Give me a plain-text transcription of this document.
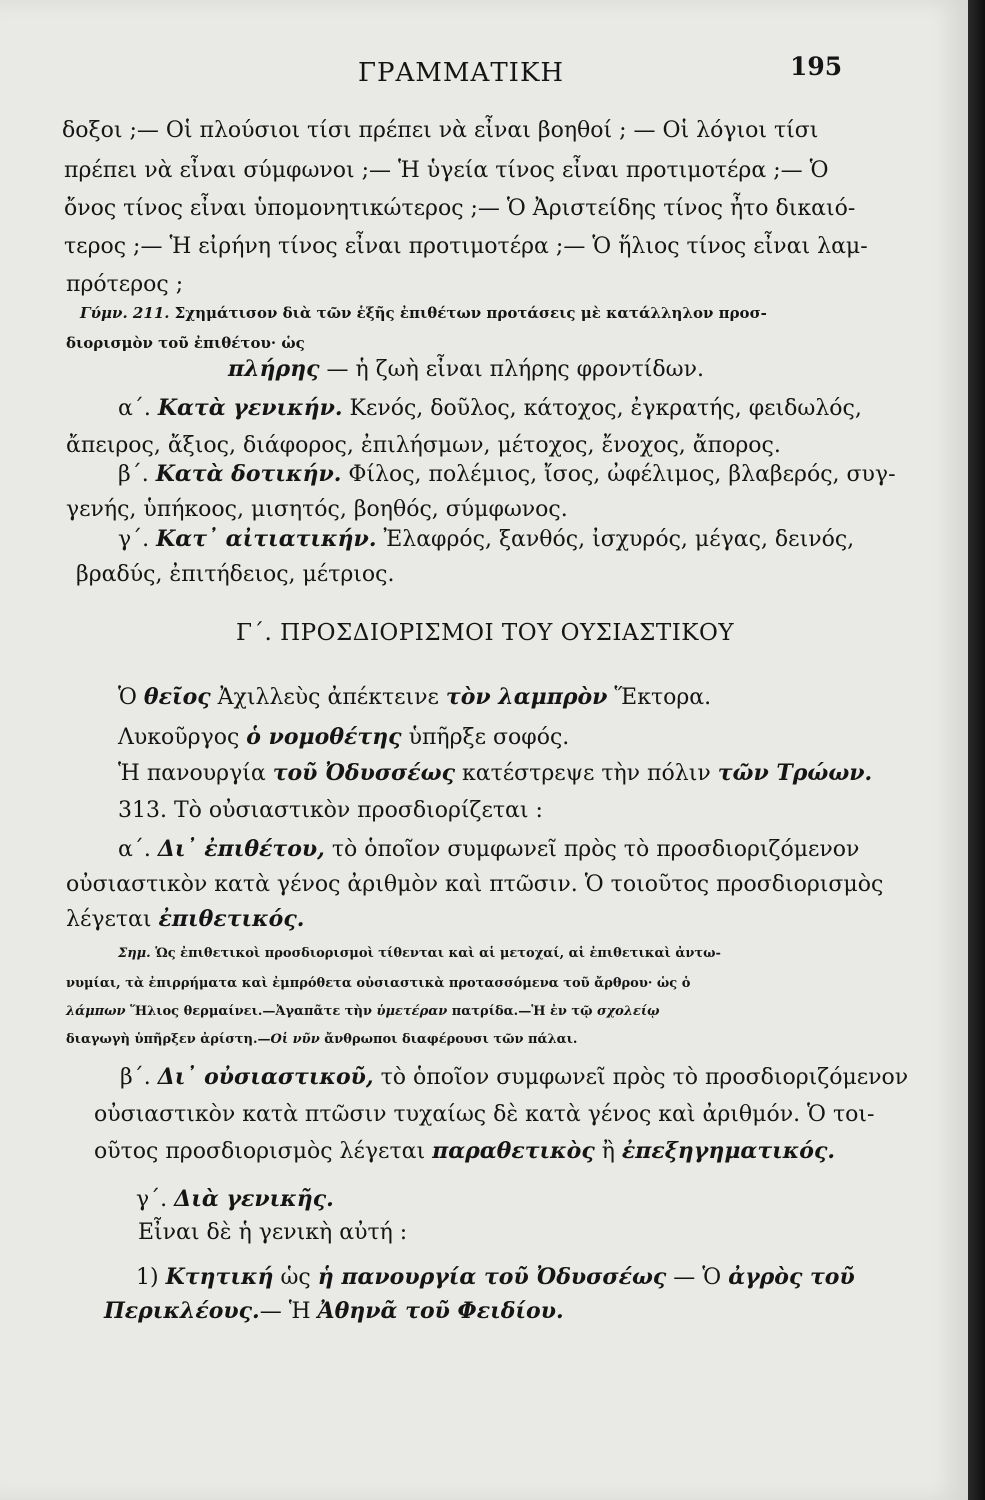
ΓΡΑΜΜΑΤΙΚΗ	195
δοξοι ;— Οἱ πλούσιοι τίσι πρέπει νὰ εἶναι βοηθοί ; — Οἱ λόγιοι τίσι
πρέπει νὰ εἶναι σύμφωνοι ;— Ἡ ὑγεία τίνος εἶναι προτιμοτέρα ;— Ὁ
ὄνος τίνος εἶναι ὑπομονητικώτερος ;— Ὁ Ἀριστείδης τίνος ἦτο δικαιό-
τερος ;— Ἡ εἰρήνη τίνος εἶναι προτιμοτέρα ;— Ὁ ἥλιος τίνος εἶναι λαμ-
πρότερος ;
Γύμν. 211. Σχημάτισον διὰ τῶν ἑξῆς ἐπιθέτων προτάσεις μὲ κατάλληλον προσ-
διορισμὸν τοῦ ἐπιθέτου· ὡς
πλήρης — ἡ ζωὴ εἶναι πλήρης φροντίδων.
α΄. Κατὰ γενικήν. Κενός, δοῦλος, κάτοχος, ἐγκρατής, φειδωλός,
ἄπειρος, ἄξιος, διάφορος, ἐπιλήσμων, μέτοχος, ἔνοχος, ἄπορος.
β΄. Κατὰ δοτικήν. Φίλος, πολέμιος, ἴσος, ὠφέλιμος, βλαβερός, συγ-
γενής, ὑπήκοος, μισητός, βοηθός, σύμφωνος.
γ΄. Κατ᾽ αἰτιατικήν. Ἐλαφρός, ξανθός, ἰσχυρός, μέγας, δεινός,
βραδύς, ἐπιτήδειος, μέτριος.
Γ΄. ΠΡΟΣΔΙΟΡΙΣΜΟΙ ΤΟΥ ΟΥΣΙΑΣΤΙΚΟΥ
Ὁ θεῖος Ἀχιλλεὺς ἀπέκτεινε τὸν λαμπρὸν Ἕκτορα.
Λυκοῦργος ὁ νομοθέτης ὑπῆρξε σοφός.
Ἡ πανουργία τοῦ Ὀδυσσέως κατέστρεψε τὴν πόλιν τῶν Τρώων.
313. Τὸ οὐσιαστικὸν προσδιορίζεται :
α΄. Δι᾽ ἐπιθέτου, τὸ ὁποῖον συμφωνεῖ πρὸς τὸ προσδιοριζόμενον
οὐσιαστικὸν κατὰ γένος ἀριθμὸν καὶ πτῶσιν. Ὁ τοιοῦτος προσδιορισμὸς
λέγεται ἐπιθετικός.
Σημ. Ὡς ἐπιθετικοὶ προσδιορισμοὶ τίθενται καὶ αἱ μετοχαί, αἱ ἐπιθετικαὶ ἀντω-
νυμίαι, τὰ ἐπιρρήματα καὶ ἐμπρόθετα οὐσιαστικὰ προτασσόμενα τοῦ ἄρθρου· ὡς ὁ
λάμπων Ἥλιος θερμαίνει.—Ἀγαπᾶτε τὴν ὑμετέραν πατρίδα.—Ἡ ἐν τῷ σχολείῳ
διαγωγὴ ὑπῆρξεν ἀρίστη.—Οἱ νῦν ἄνθρωποι διαφέρουσι τῶν πάλαι.
β΄. Δι᾽ οὐσιαστικοῦ, τὸ ὁποῖον συμφωνεῖ πρὸς τὸ προσδιοριζόμενον
οὐσιαστικὸν κατὰ πτῶσιν τυχαίως δὲ κατὰ γένος καὶ ἀριθμόν. Ὁ τοι-
οῦτος προσδιορισμὸς λέγεται παραθετικὸς ἢ ἐπεξηγηματικός.
γ΄. Διὰ γενικῆς.
Εἶναι δὲ ἡ γενικὴ αὐτή :
1) Κτητική ὡς ἡ πανουργία τοῦ Ὀδυσσέως — Ὁ ἀγρὸς τοῦ
Περικλέους.— Ἡ Ἀθηνᾶ τοῦ Φειδίου.
